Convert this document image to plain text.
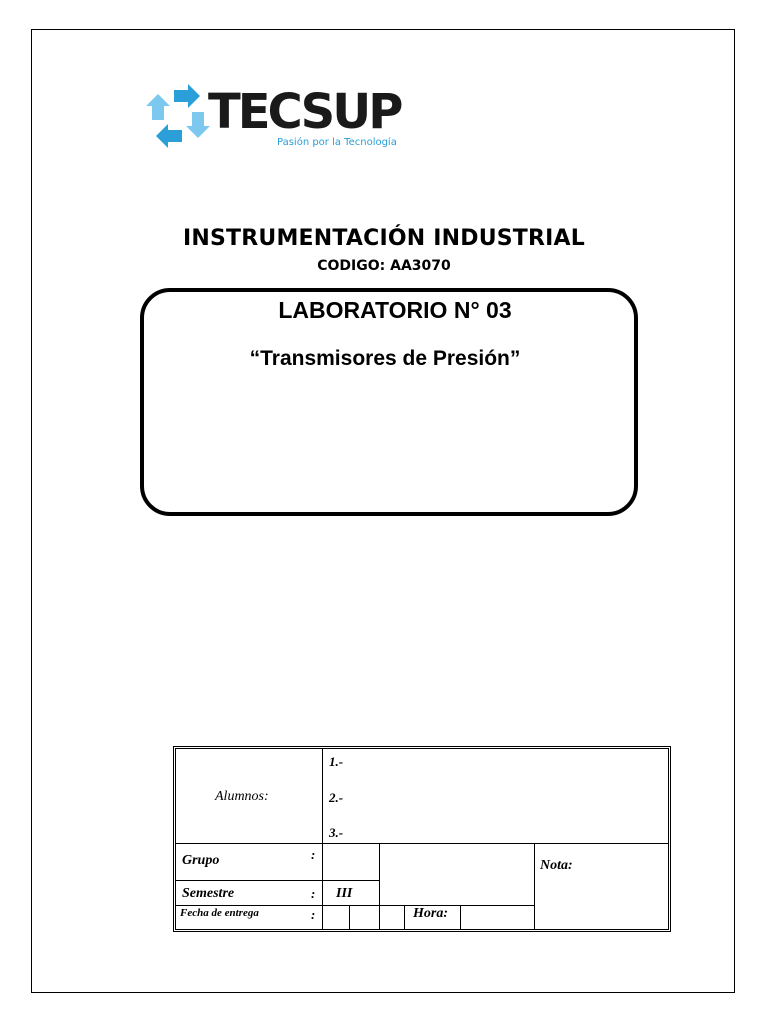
TECSUP
Pasión por la Tecnología
INSTRUMENTACIÓN INDUSTRIAL
CODIGO: AA3070
LABORATORIO N° 03
“Transmisores de Presión”
Alumnos:
1.-
2.-
3.-
Grupo	:
Semestre	: III
Fecha de entrega	:	Hora:
Nota:
